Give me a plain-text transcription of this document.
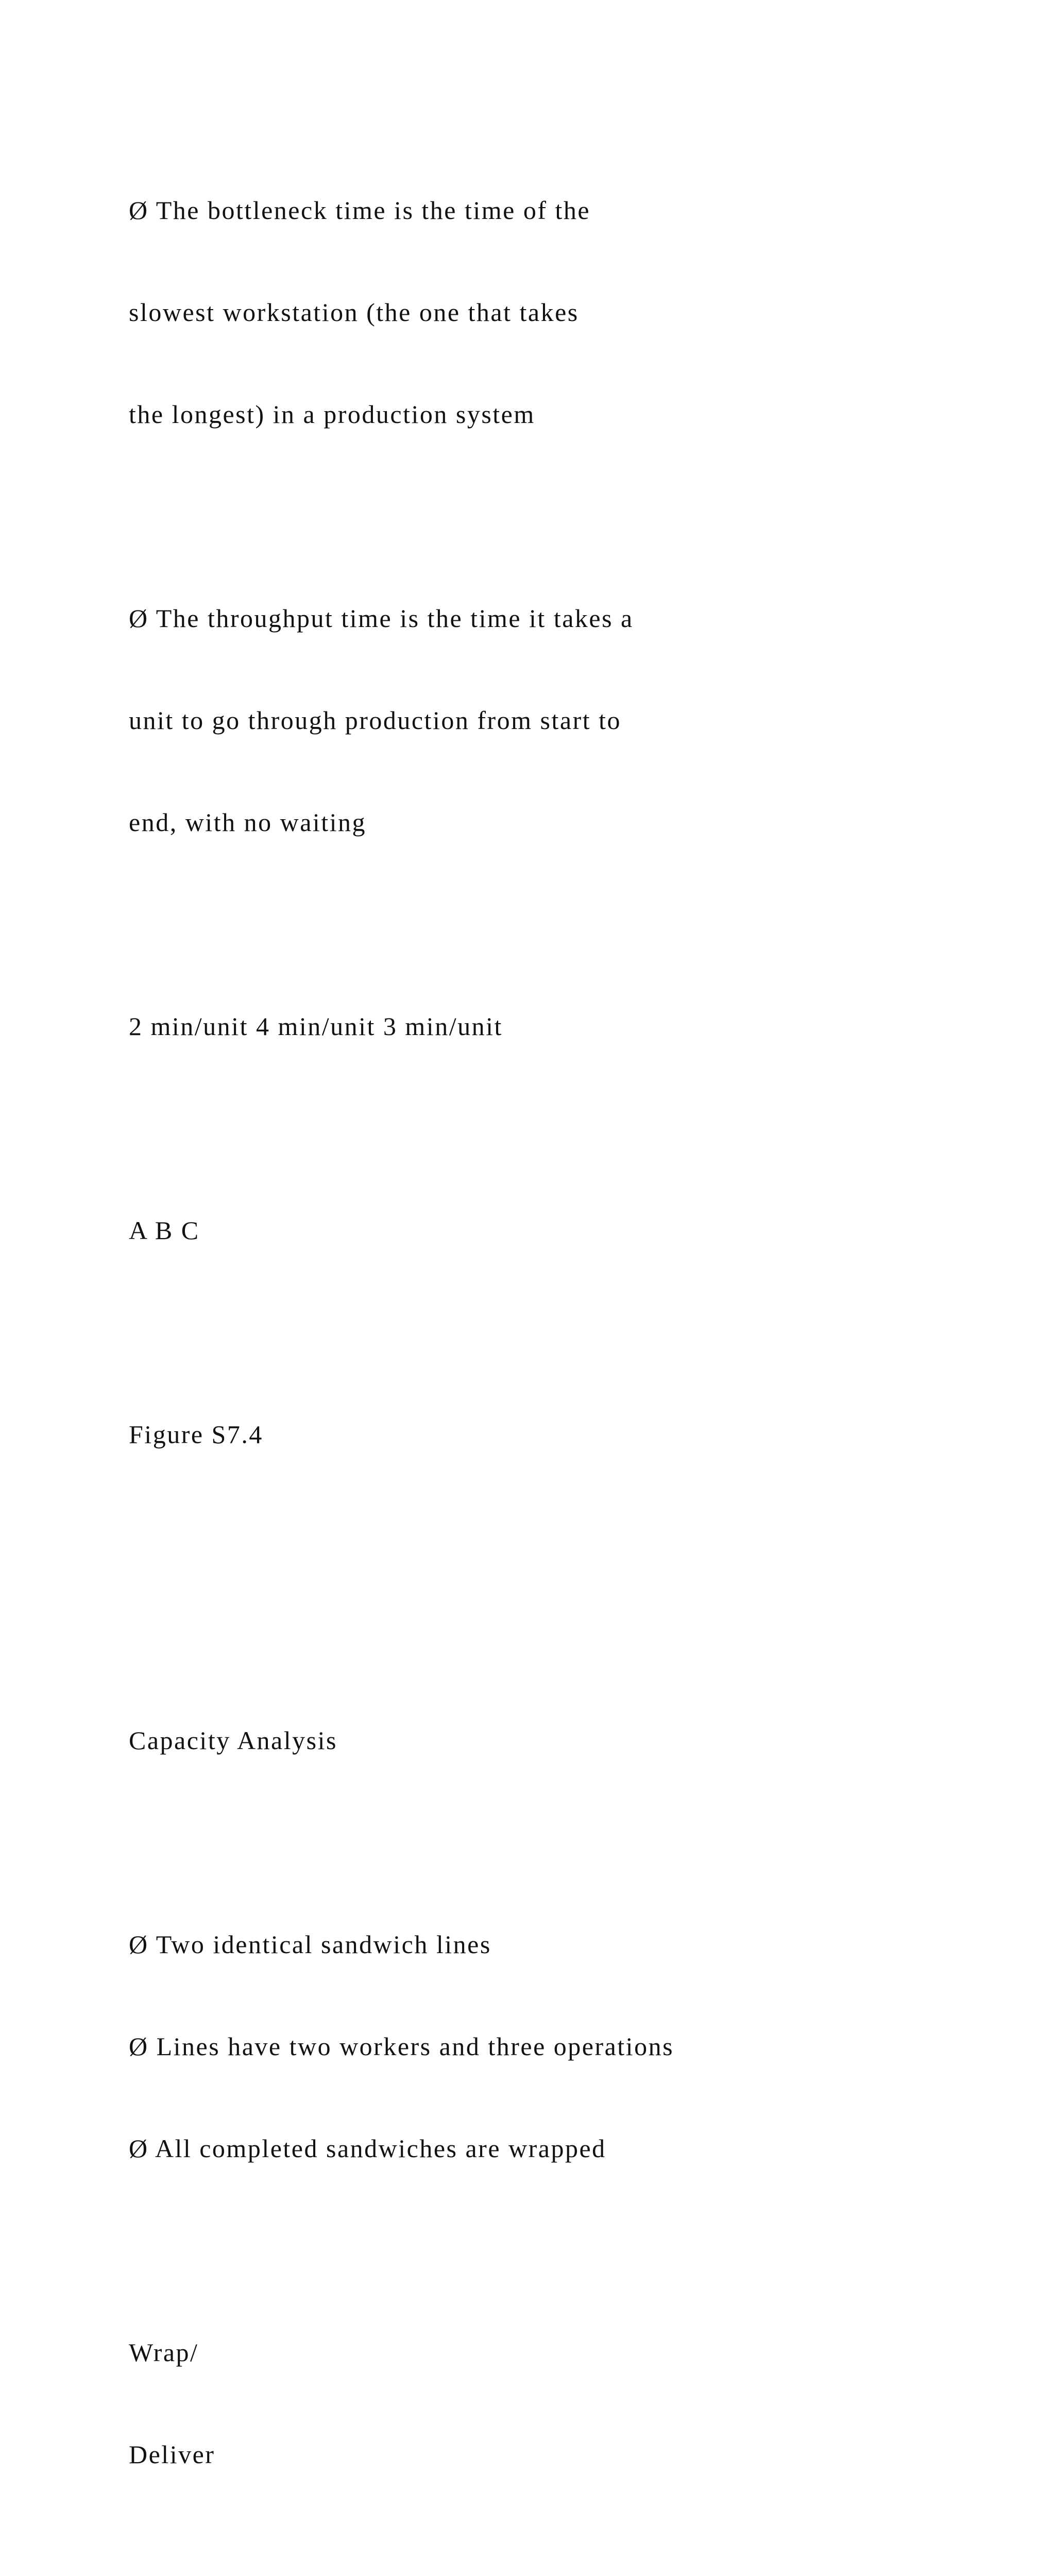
Ø The bottleneck time is the time of the

slowest workstation (the one that takes

the longest) in a production system

Ø The throughput time is the time it takes a

unit to go through production from start to

end, with no waiting

2 min/unit 4 min/unit 3 min/unit

A B C

Figure S7.4

Capacity Analysis

Ø Two identical sandwich lines

Ø Lines have two workers and three operations

Ø All completed sandwiches are wrapped

Wrap/

Deliver
